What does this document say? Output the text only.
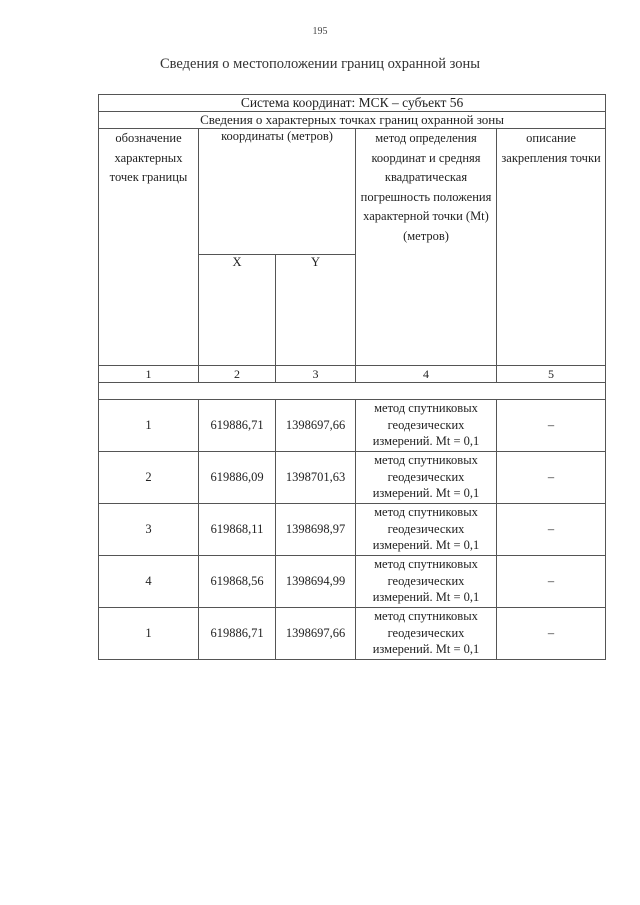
195
Сведения о местоположении границ охранной зоны
Система координат: МСК – субъект 56				
Сведения о характерных точках границ охранной зоны				
обозначение характерных точек границы	координаты (метров)		метод определения координат и средняя квадратическая погрешность положения характерной точки (Mt) (метров)	описание закрепления точки
	X	Y		
1	2	3	4	5

1	619886,71	1398697,66	метод спутниковых
геодезических
измерений. Mt = 0,1	–
2	619886,09	1398701,63	метод спутниковых
геодезических
измерений. Mt = 0,1	–
3	619868,11	1398698,97	метод спутниковых
геодезических
измерений. Mt = 0,1	–
4	619868,56	1398694,99	метод спутниковых
геодезических
измерений. Mt = 0,1	–
1	619886,71	1398697,66	метод спутниковых
геодезических
измерений. Mt = 0,1	–
